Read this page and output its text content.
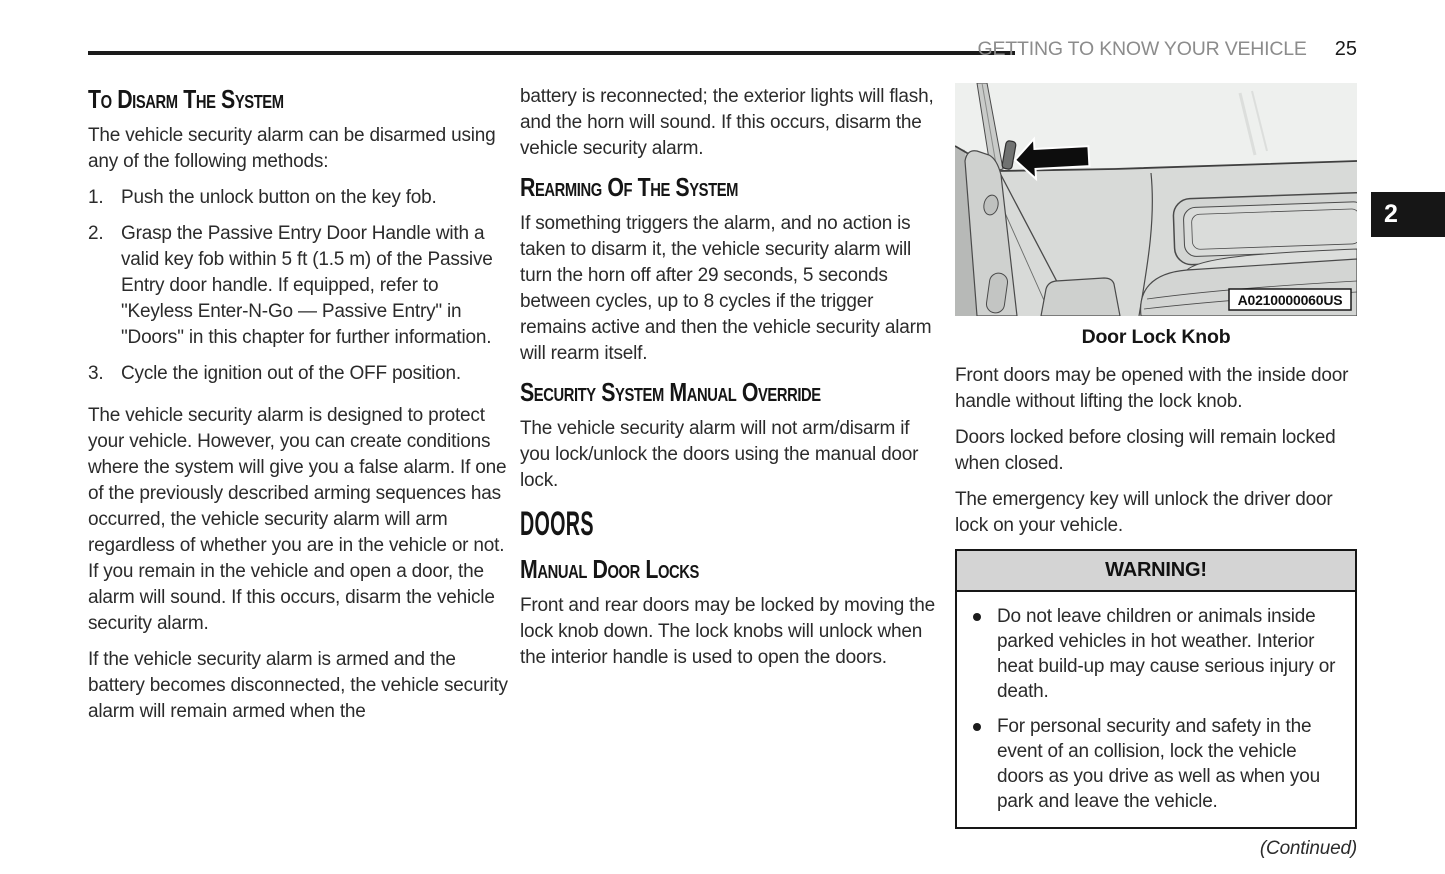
GETTING TO KNOW YOUR VEHICLE 25
2
To Disarm The System

The vehicle security alarm can be disarmed using any of the following methods:

1. Push the unlock button on the key fob.
2. Grasp the Passive Entry Door Handle with a valid key fob within 5 ft (1.5 m) of the Passive Entry door handle. If equipped, refer to "Keyless Enter-N-Go — Passive Entry" in "Doors" in this chapter for further information.
3. Cycle the ignition out of the OFF position.

The vehicle security alarm is designed to protect your vehicle. However, you can create conditions where the system will give you a false alarm. If one of the previously described arming sequences has occurred, the vehicle security alarm will arm regardless of whether you are in the vehicle or not. If you remain in the vehicle and open a door, the alarm will sound. If this occurs, disarm the vehicle security alarm.

If the vehicle security alarm is armed and the battery becomes disconnected, the vehicle security alarm will remain armed when the

battery is reconnected; the exterior lights will flash, and the horn will sound. If this occurs, disarm the vehicle security alarm.

Rearming Of The System

If something triggers the alarm, and no action is taken to disarm it, the vehicle security alarm will turn the horn off after 29 seconds, 5 seconds between cycles, up to 8 cycles if the trigger remains active and then the vehicle security alarm will rearm itself.

Security System Manual Override

The vehicle security alarm will not arm/disarm if you lock/unlock the doors using the manual door lock.

DOORS
Manual Door Locks

Front and rear doors may be locked by moving the lock knob down. The lock knobs will unlock when the interior handle is used to open the doors.

A0210000060US
Door Lock Knob

Front doors may be opened with the inside door handle without lifting the lock knob.

Doors locked before closing will remain locked when closed.

The emergency key will unlock the driver door lock on your vehicle.

WARNING!
Do not leave children or animals inside parked vehicles in hot weather. Interior heat build-up may cause serious injury or death.
For personal security and safety in the event of an collision, lock the vehicle doors as you drive as well as when you park and leave the vehicle.
(Continued)
